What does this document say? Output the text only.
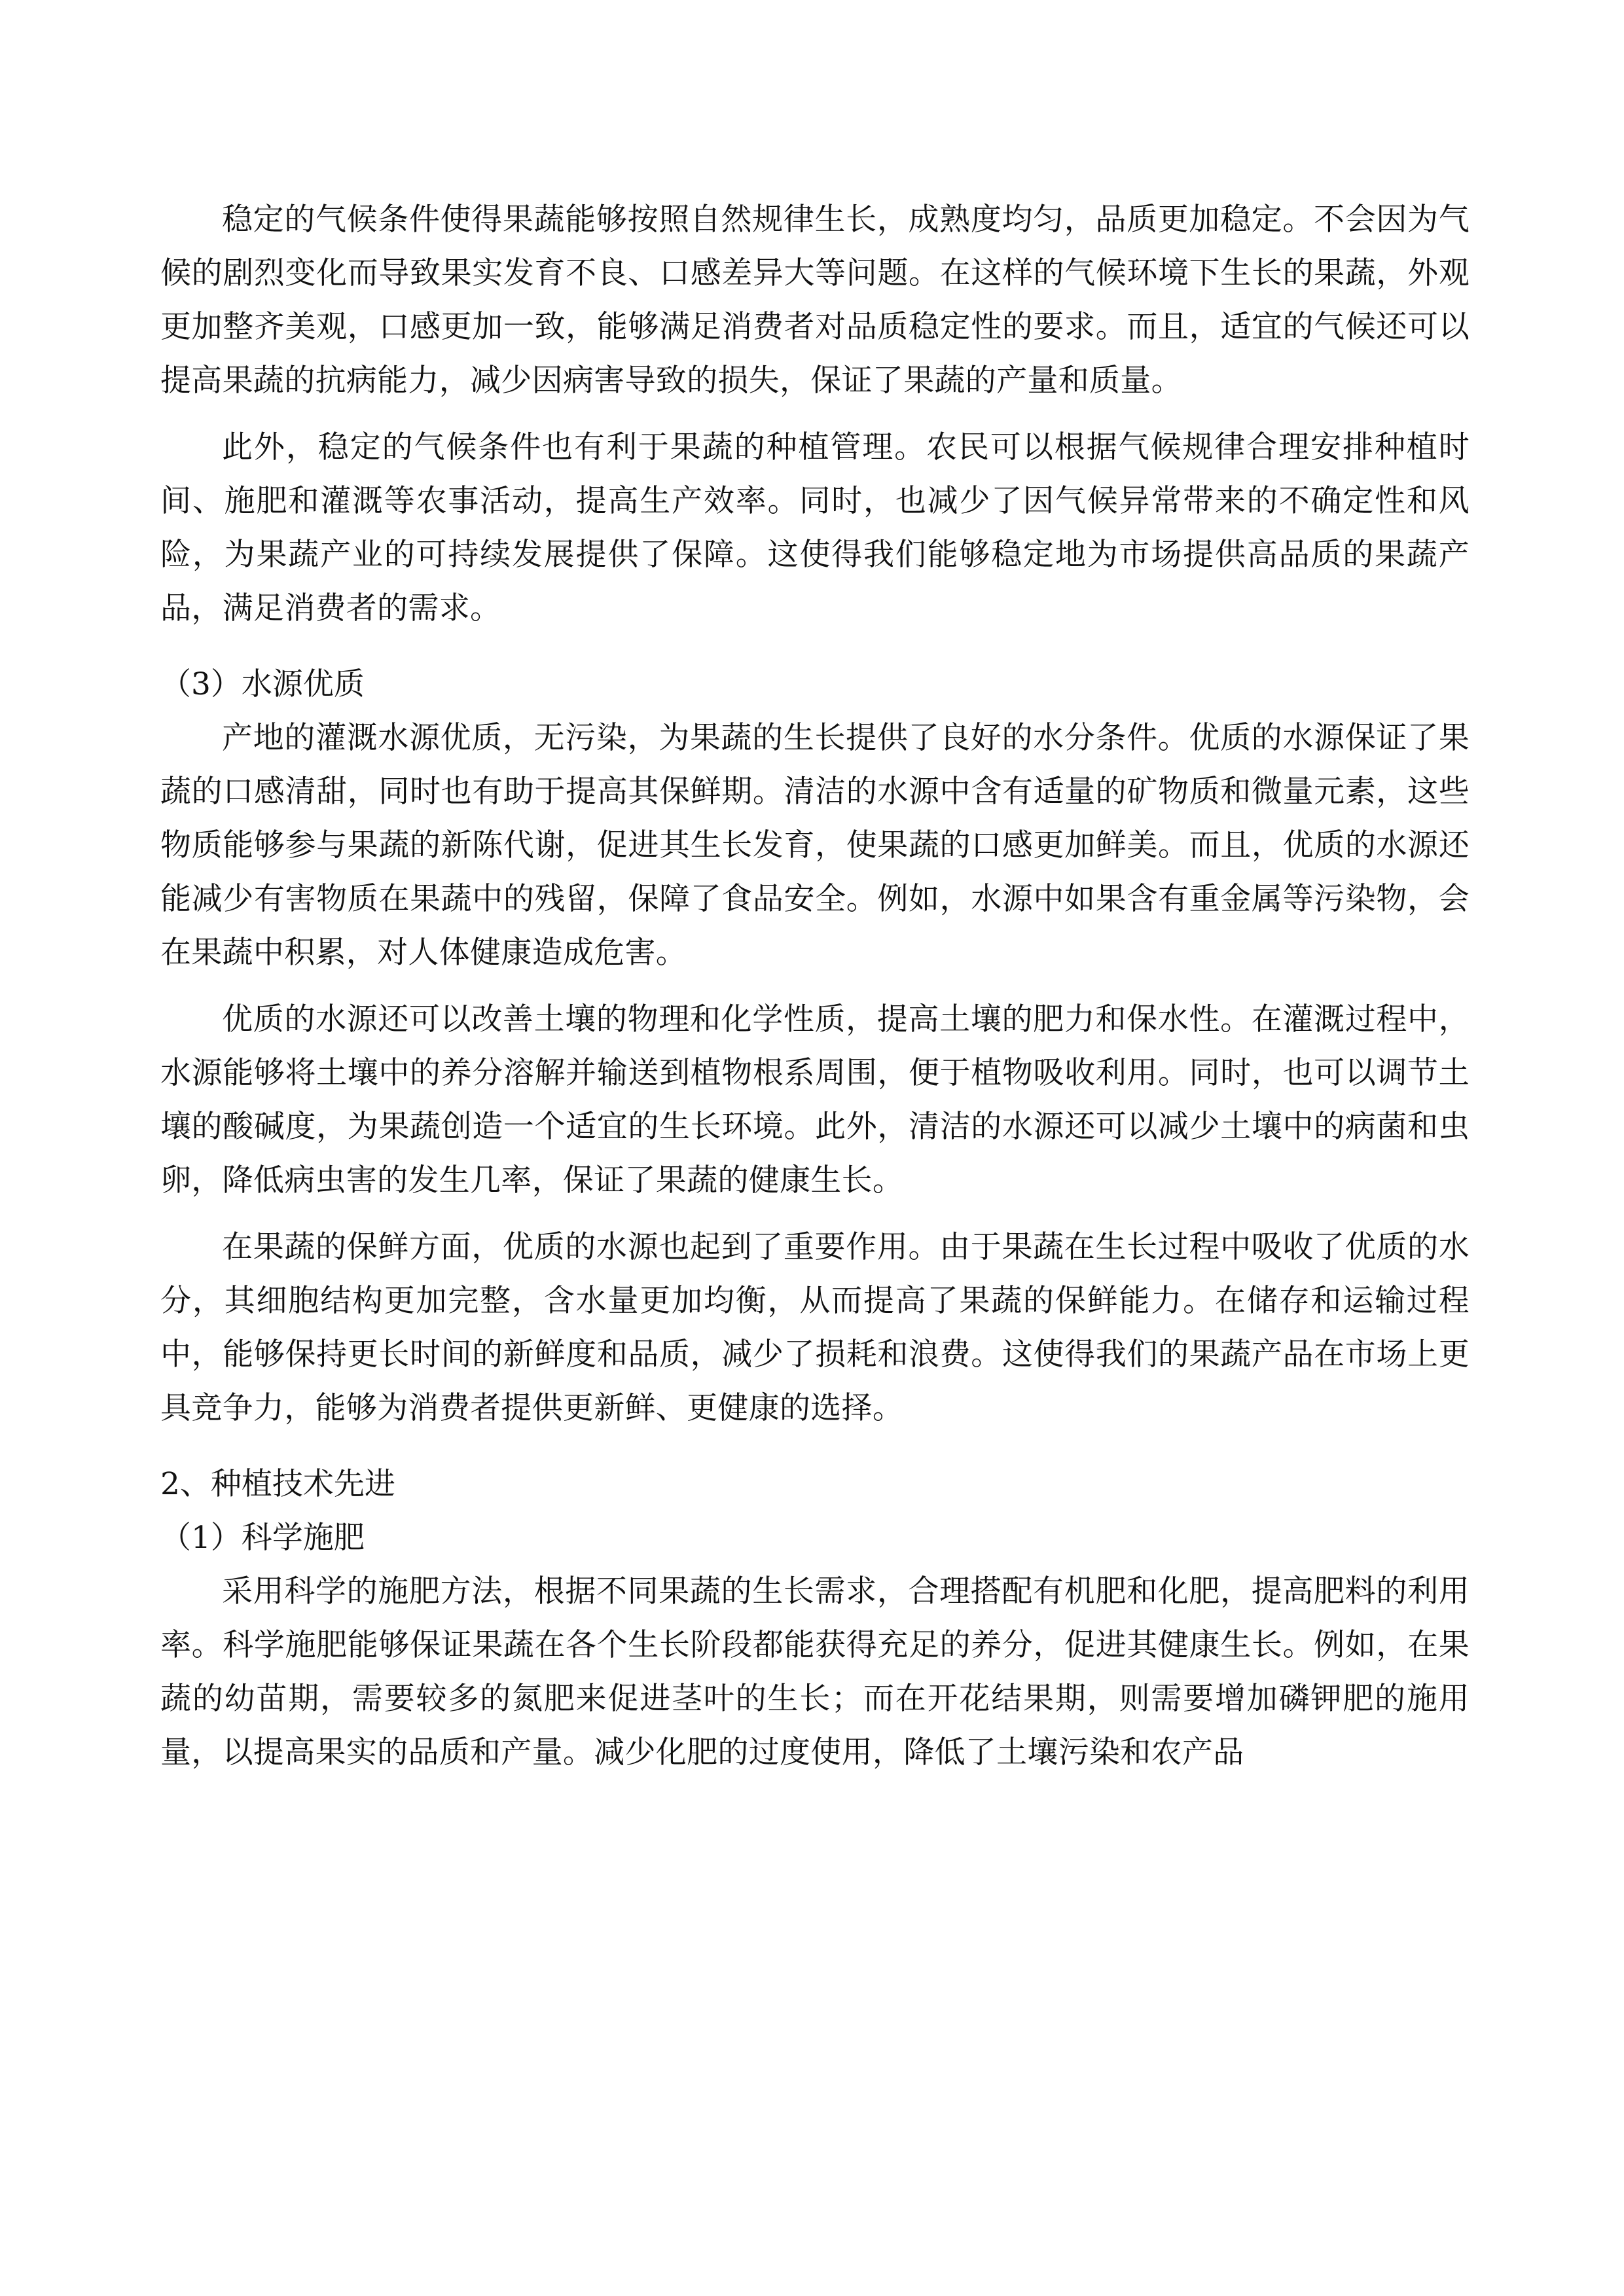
稳定的气候条件使得果蔬能够按照自然规律生长，成熟度均匀，品质更加稳定。不会因为气候的剧烈变化而导致果实发育不良、口感差异大等问题。在这样的气候环境下生长的果蔬，外观更加整齐美观，口感更加一致，能够满足消费者对品质稳定性的要求。而且，适宜的气候还可以提高果蔬的抗病能力，减少因病害导致的损失，保证了果蔬的产量和质量。

此外，稳定的气候条件也有利于果蔬的种植管理。农民可以根据气候规律合理安排种植时间、施肥和灌溉等农事活动，提高生产效率。同时，也减少了因气候异常带来的不确定性和风险，为果蔬产业的可持续发展提供了保障。这使得我们能够稳定地为市场提供高品质的果蔬产品，满足消费者的需求。

（3）水源优质

产地的灌溉水源优质，无污染，为果蔬的生长提供了良好的水分条件。优质的水源保证了果蔬的口感清甜，同时也有助于提高其保鲜期。清洁的水源中含有适量的矿物质和微量元素，这些物质能够参与果蔬的新陈代谢，促进其生长发育，使果蔬的口感更加鲜美。而且，优质的水源还能减少有害物质在果蔬中的残留，保障了食品安全。例如，水源中如果含有重金属等污染物，会在果蔬中积累，对人体健康造成危害。

优质的水源还可以改善土壤的物理和化学性质，提高土壤的肥力和保水性。在灌溉过程中，水源能够将土壤中的养分溶解并输送到植物根系周围，便于植物吸收利用。同时，也可以调节土壤的酸碱度，为果蔬创造一个适宜的生长环境。此外，清洁的水源还可以减少土壤中的病菌和虫卵，降低病虫害的发生几率，保证了果蔬的健康生长。

在果蔬的保鲜方面，优质的水源也起到了重要作用。由于果蔬在生长过程中吸收了优质的水分，其细胞结构更加完整，含水量更加均衡，从而提高了果蔬的保鲜能力。在储存和运输过程中，能够保持更长时间的新鲜度和品质，减少了损耗和浪费。这使得我们的果蔬产品在市场上更具竞争力，能够为消费者提供更新鲜、更健康的选择。

2、种植技术先进

（1）科学施肥

采用科学的施肥方法，根据不同果蔬的生长需求，合理搭配有机肥和化肥，提高肥料的利用率。科学施肥能够保证果蔬在各个生长阶段都能获得充足的养分，促进其健康生长。例如，在果蔬的幼苗期，需要较多的氮肥来促进茎叶的生长；而在开花结果期，则需要增加磷钾肥的施用量，以提高果实的品质和产量。减少化肥的过度使用，降低了土壤污染和农产品
